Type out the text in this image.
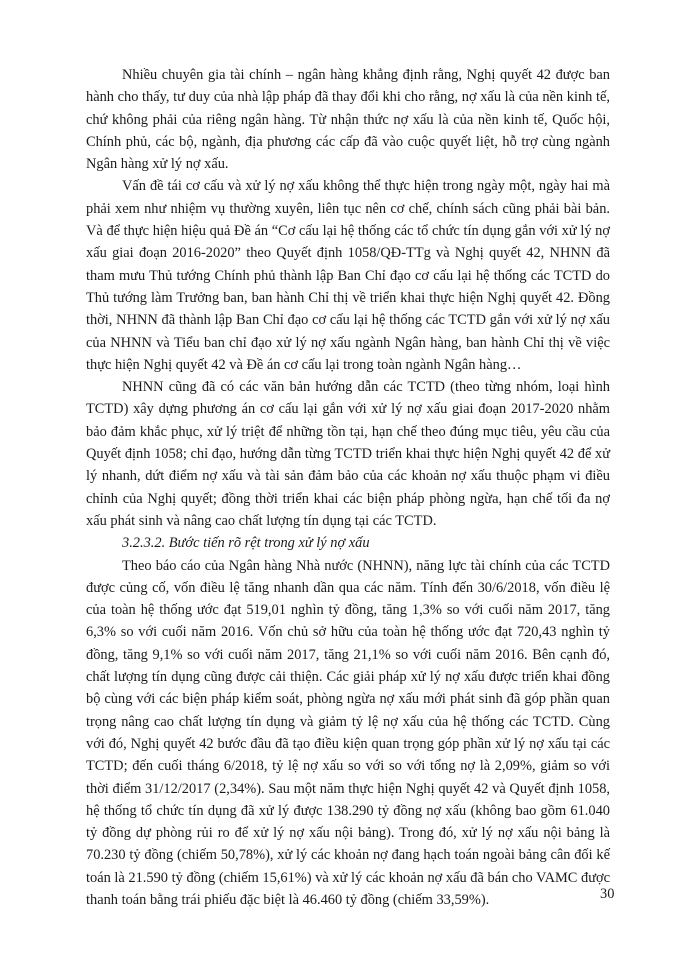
Nhiều chuyên gia tài chính – ngân hàng khẳng định rằng, Nghị quyết 42 được ban hành cho thấy, tư duy của nhà lập pháp đã thay đổi khi cho rằng, nợ xấu là của nền kinh tế, chứ không phải của riêng ngân hàng. Từ nhận thức nợ xấu là của nền kinh tế, Quốc hội, Chính phủ, các bộ, ngành, địa phương các cấp đã vào cuộc quyết liệt, hỗ trợ cùng ngành Ngân hàng xử lý nợ xấu.

Vấn đề tái cơ cấu và xử lý nợ xấu không thể thực hiện trong ngày một, ngày hai mà phải xem như nhiệm vụ thường xuyên, liên tục nên cơ chế, chính sách cũng phải bài bản. Và để thực hiện hiệu quả Đề án “Cơ cấu lại hệ thống các tổ chức tín dụng gắn với xử lý nợ xấu giai đoạn 2016-2020” theo Quyết định 1058/QĐ-TTg và Nghị quyết 42, NHNN đã tham mưu Thủ tướng Chính phủ thành lập Ban Chỉ đạo cơ cấu lại hệ thống các TCTD do Thủ tướng làm Trưởng ban, ban hành Chỉ thị về triển khai thực hiện Nghị quyết 42. Đồng thời, NHNN đã thành lập Ban Chỉ đạo cơ cấu lại hệ thống các TCTD gắn với xử lý nợ xấu của NHNN và Tiểu ban chỉ đạo xử lý nợ xấu ngành Ngân hàng, ban hành Chỉ thị về việc thực hiện Nghị quyết 42 và Đề án cơ cấu lại trong toàn ngành Ngân hàng…

NHNN cũng đã có các văn bản hướng dẫn các TCTD (theo từng nhóm, loại hình TCTD) xây dựng phương án cơ cấu lại gắn với xử lý nợ xấu giai đoạn 2017-2020 nhằm bảo đảm khắc phục, xử lý triệt để những tồn tại, hạn chế theo đúng mục tiêu, yêu cầu của Quyết định 1058; chỉ đạo, hướng dẫn từng TCTD triển khai thực hiện Nghị quyết 42 để xử lý nhanh, dứt điểm nợ xấu và tài sản đảm bảo của các khoản nợ xấu thuộc phạm vi điều chỉnh của Nghị quyết; đồng thời triển khai các biện pháp phòng ngừa, hạn chế tối đa nợ xấu phát sinh và nâng cao chất lượng tín dụng tại các TCTD.

3.2.3.2. Bước tiến rõ rệt trong xử lý nợ xấu

Theo báo cáo của Ngân hàng Nhà nước (NHNN), năng lực tài chính của các TCTD được củng cố, vốn điều lệ tăng nhanh dần qua các năm. Tính đến 30/6/2018, vốn điều lệ của toàn hệ thống ước đạt 519,01 nghìn tỷ đồng, tăng 1,3% so với cuối năm 2017, tăng 6,3% so với cuối năm 2016. Vốn chủ sở hữu của toàn hệ thống ước đạt 720,43 nghìn tỷ đồng, tăng 9,1% so với cuối năm 2017, tăng 21,1% so với cuối năm 2016. Bên cạnh đó, chất lượng tín dụng cũng được cải thiện. Các giải pháp xử lý nợ xấu được triển khai đồng bộ cùng với các biện pháp kiểm soát, phòng ngừa nợ xấu mới phát sinh đã góp phần quan trọng nâng cao chất lượng tín dụng và giảm tỷ lệ nợ xấu của hệ thống các TCTD. Cùng với đó, Nghị quyết 42 bước đầu đã tạo điều kiện quan trọng góp phần xử lý nợ xấu tại các TCTD; đến cuối tháng 6/2018, tỷ lệ nợ xấu so với so với tổng nợ là 2,09%, giảm so với thời điểm 31/12/2017 (2,34%). Sau một năm thực hiện Nghị quyết 42 và Quyết định 1058, hệ thống tổ chức tín dụng đã xử lý được 138.290 tỷ đồng nợ xấu (không bao gồm 61.040 tỷ đồng dự phòng rủi ro để xử lý nợ xấu nội bảng). Trong đó, xử lý nợ xấu nội bảng là 70.230 tỷ đồng (chiếm 50,78%), xử lý các khoản nợ đang hạch toán ngoài bảng cân đối kế toán là 21.590 tỷ đồng (chiếm 15,61%) và xử lý các khoản nợ xấu đã bán cho VAMC được thanh toán bằng trái phiếu đặc biệt là 46.460 tỷ đồng (chiếm 33,59%).	30
